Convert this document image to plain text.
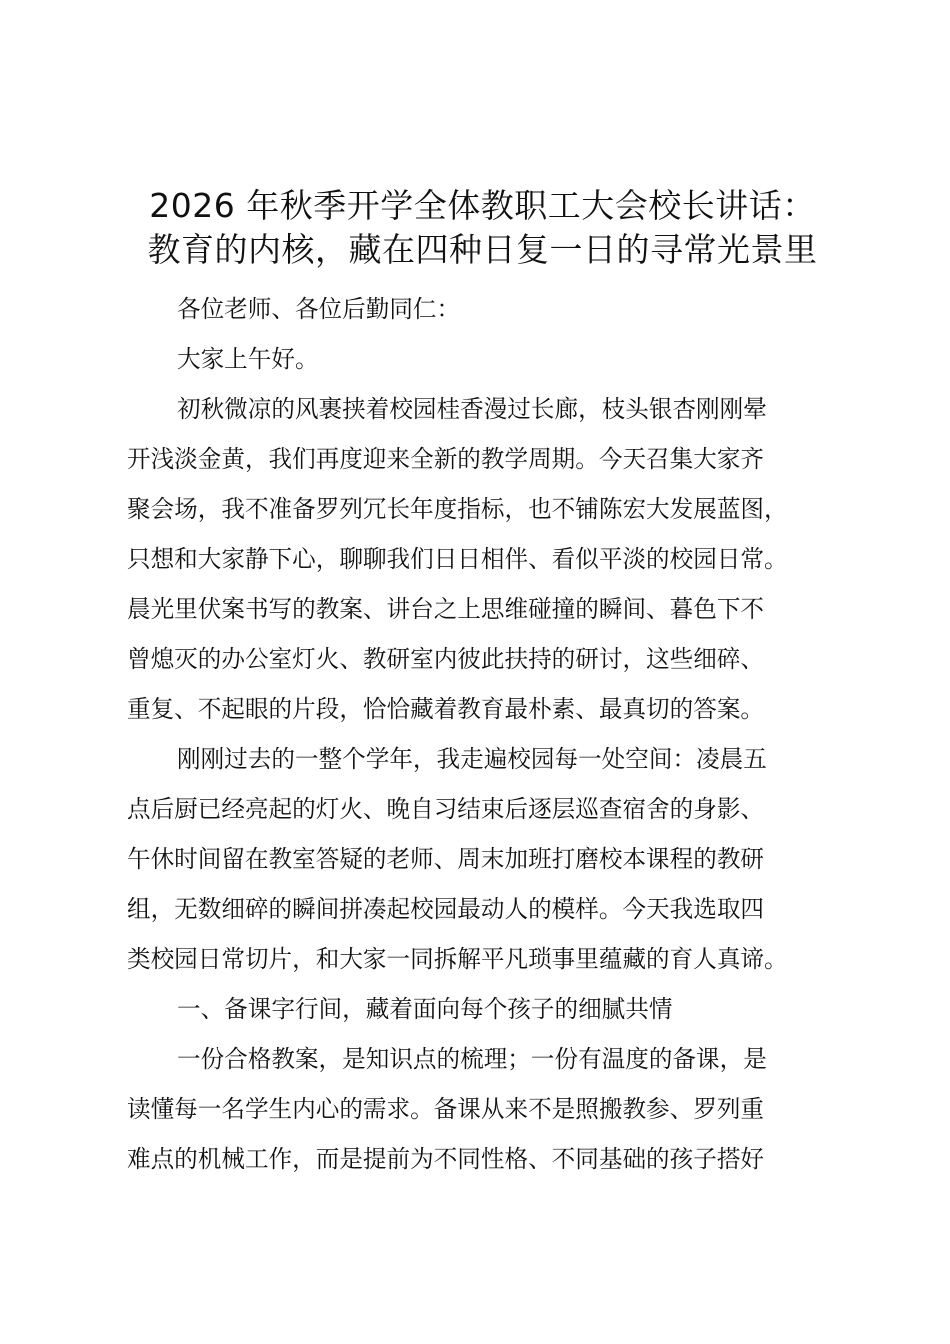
2026 年秋季开学全体教职工大会校长讲话：
教育的内核，藏在四种日复一日的寻常光景里

各位老师、各位后勤同仁：

大家上午好。

初秋微凉的风裹挟着校园桂香漫过长廊，枝头银杏刚刚晕
开浅淡金黄，我们再度迎来全新的教学周期。今天召集大家齐
聚会场，我不准备罗列冗长年度指标，也不铺陈宏大发展蓝图，
只想和大家静下心，聊聊我们日日相伴、看似平淡的校园日常。
晨光里伏案书写的教案、讲台之上思维碰撞的瞬间、暮色下不
曾熄灭的办公室灯火、教研室内彼此扶持的研讨，这些细碎、
重复、不起眼的片段，恰恰藏着教育最朴素、最真切的答案。

刚刚过去的一整个学年，我走遍校园每一处空间：凌晨五
点后厨已经亮起的灯火、晚自习结束后逐层巡查宿舍的身影、
午休时间留在教室答疑的老师、周末加班打磨校本课程的教研
组，无数细碎的瞬间拼凑起校园最动人的模样。今天我选取四
类校园日常切片，和大家一同拆解平凡琐事里蕴藏的育人真谛。

一、备课字行间，藏着面向每个孩子的细腻共情

一份合格教案，是知识点的梳理；一份有温度的备课，是
读懂每一名学生内心的需求。备课从来不是照搬教参、罗列重
难点的机械工作，而是提前为不同性格、不同基础的孩子搭好
